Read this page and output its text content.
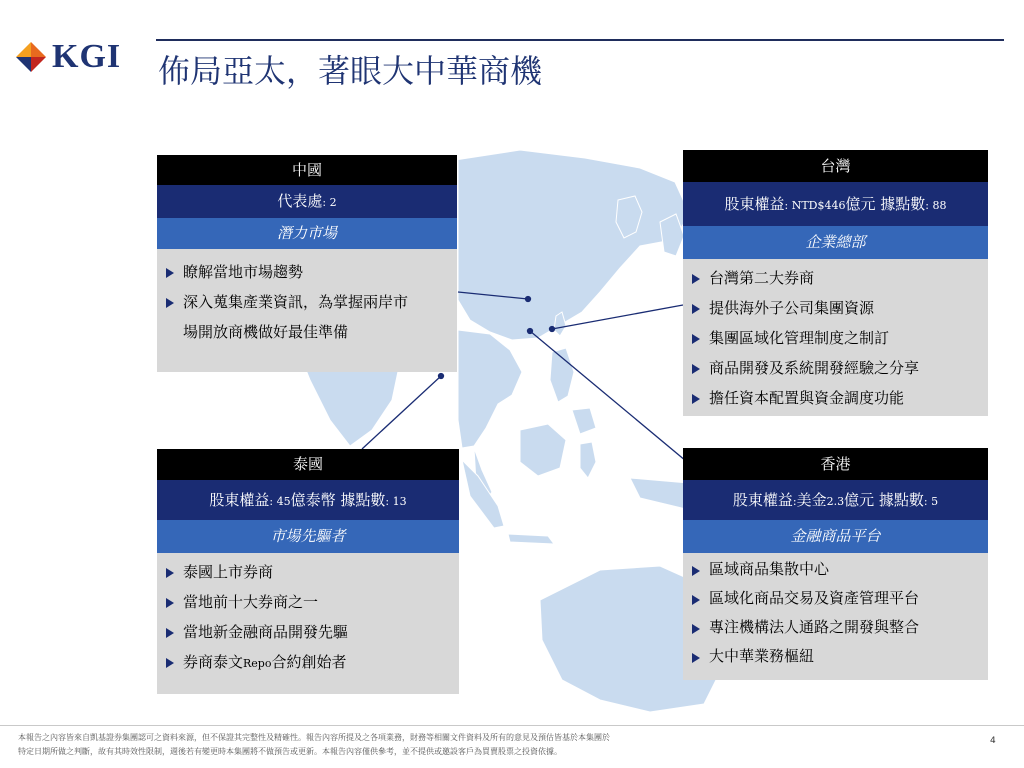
KGI 佈局亞太，著眼大中華商機
中國
代表處: 2
潛力市場
瞭解當地市場趨勢
深入蒐集產業資訊，為掌握兩岸市
場開放商機做好最佳準備
台灣
股東權益: NTD$446億元 據點數: 88
企業總部
台灣第二大券商
提供海外子公司集團資源
集團區域化管理制度之制訂
商品開發及系統開發經驗之分享
擔任資本配置與資金調度功能
泰國
股東權益: 45億泰幣 據點數: 13
市場先驅者
泰國上市券商
當地前十大券商之一
當地新金融商品開發先驅
券商泰文Repo合約創始者
香港
股東權益:美金2.3億元 據點數: 5
金融商品平台
區域商品集散中心
區域化商品交易及資產管理平台
專注機構法人通路之開發與整合
大中華業務樞紐
本報告之內容皆來自凱基證券集團認可之資料來源，但不保證其完整性及精確性。報告內容所提及之各項業務，財務等相關文件資料及所有的意見及預估皆基於本集團於
特定日期所做之判斷，故有其時效性限制，週後若有變更時本集團將不做預告或更新。本報告內容僅供參考，並不提供或邀設客戶為買賣股票之投資依據。
4
